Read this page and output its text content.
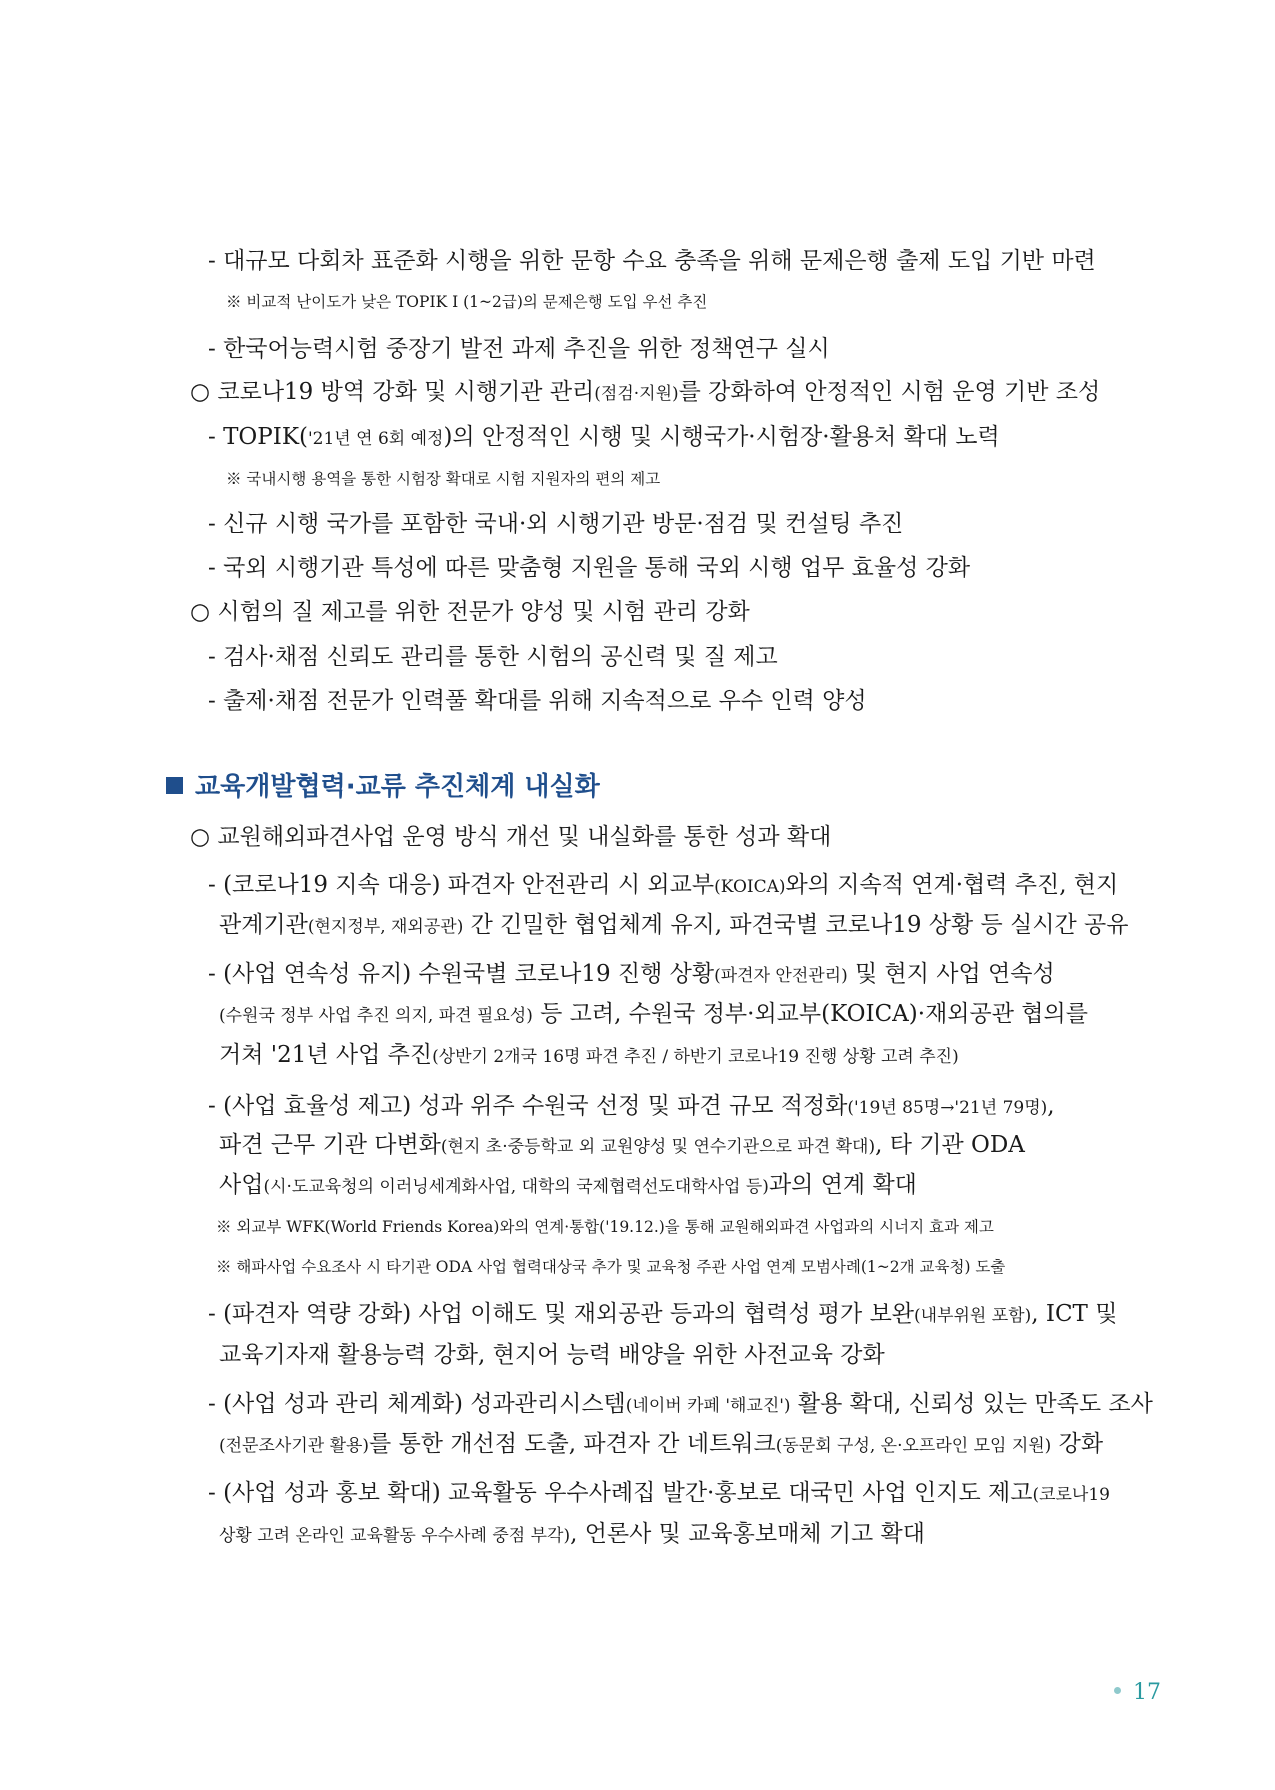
- 대규모 다회차 표준화 시행을 위한 문항 수요 충족을 위해 문제은행 출제 도입 기반 마련
※ 비교적 난이도가 낮은 TOPIK I (1~2급)의 문제은행 도입 우선 추진
- 한국어능력시험 중장기 발전 과제 추진을 위한 정책연구 실시
○ 코로나19 방역 강화 및 시행기관 관리(점검·지원)를 강화하여 안정적인 시험 운영 기반 조성
- TOPIK('21년 연 6회 예정)의 안정적인 시행 및 시행국가·시험장·활용처 확대 노력
※ 국내시행 용역을 통한 시험장 확대로 시험 지원자의 편의 제고
- 신규 시행 국가를 포함한 국내·외 시행기관 방문·점검 및 컨설팅 추진
- 국외 시행기관 특성에 따른 맞춤형 지원을 통해 국외 시행 업무 효율성 강화
○ 시험의 질 제고를 위한 전문가 양성 및 시험 관리 강화
- 검사·채점 신뢰도 관리를 통한 시험의 공신력 및 질 제고
- 출제·채점 전문가 인력풀 확대를 위해 지속적으로 우수 인력 양성
교육개발협력·교류 추진체계 내실화
○ 교원해외파견사업 운영 방식 개선 및 내실화를 통한 성과 확대
- (코로나19 지속 대응) 파견자 안전관리 시 외교부(KOICA)와의 지속적 연계·협력 추진, 현지
관계기관(현지정부, 재외공관) 간 긴밀한 협업체계 유지, 파견국별 코로나19 상황 등 실시간 공유
- (사업 연속성 유지) 수원국별 코로나19 진행 상황(파견자 안전관리) 및 현지 사업 연속성
(수원국 정부 사업 추진 의지, 파견 필요성) 등 고려, 수원국 정부·외교부(KOICA)·재외공관 협의를
거쳐 '21년 사업 추진(상반기 2개국 16명 파견 추진 / 하반기 코로나19 진행 상황 고려 추진)
- (사업 효율성 제고) 성과 위주 수원국 선정 및 파견 규모 적정화('19년 85명→'21년 79명),
파견 근무 기관 다변화(현지 초·중등학교 외 교원양성 및 연수기관으로 파견 확대), 타 기관 ODA
사업(시·도교육청의 이러닝세계화사업, 대학의 국제협력선도대학사업 등)과의 연계 확대
※ 외교부 WFK(World Friends Korea)와의 연계·통합('19.12.)을 통해 교원해외파견 사업과의 시너지 효과 제고
※ 해파사업 수요조사 시 타기관 ODA 사업 협력대상국 추가 및 교육청 주관 사업 연계 모범사례(1~2개 교육청) 도출
- (파견자 역량 강화) 사업 이해도 및 재외공관 등과의 협력성 평가 보완(내부위원 포함), ICT 및
교육기자재 활용능력 강화, 현지어 능력 배양을 위한 사전교육 강화
- (사업 성과 관리 체계화) 성과관리시스템(네이버 카페 '해교진') 활용 확대, 신뢰성 있는 만족도 조사
(전문조사기관 활용)를 통한 개선점 도출, 파견자 간 네트워크(동문회 구성, 온·오프라인 모임 지원) 강화
- (사업 성과 홍보 확대) 교육활동 우수사례집 발간·홍보로 대국민 사업 인지도 제고(코로나19
상황 고려 온라인 교육활동 우수사례 중점 부각), 언론사 및 교육홍보매체 기고 확대
17
